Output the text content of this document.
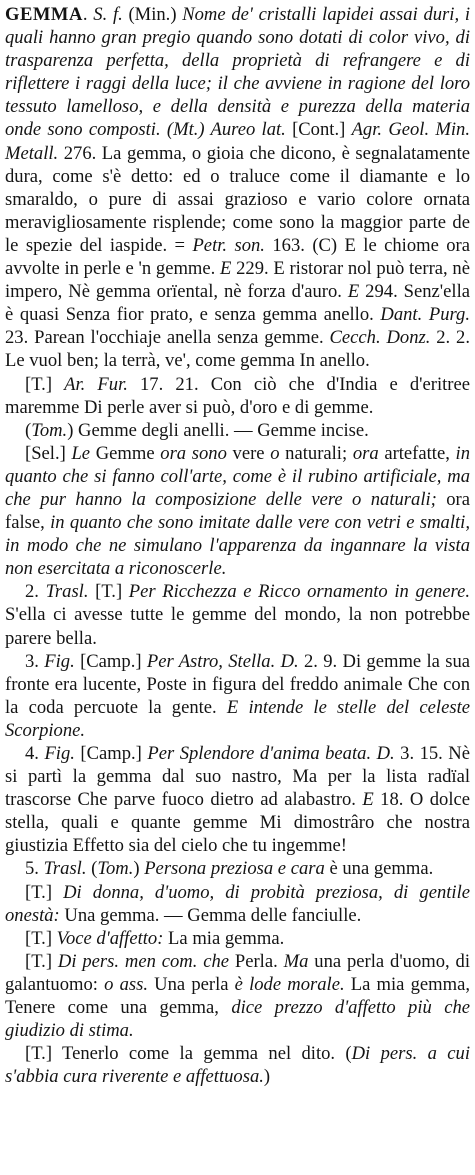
GEMMA. S. f. (Min.) Nome de' cristalli lapidei assai duri, i quali hanno gran pregio quando sono dotati di color vivo, di trasparenza perfetta, della proprietà di refrangere e di riflettere i raggi della luce; il che avviene in ragione del loro tessuto lamelloso, e della densità e purezza della materia onde sono composti. (Mt.) Aureo lat. [Cont.] Agr. Geol. Min. Metall. 276. La gemma, o gioia che dicono, è segnalatamente dura, come s'è detto: ed o traluce come il diamante e lo smaraldo, o pure di assai grazioso e vario colore ornata meravigliosamente risplende; come sono la maggior parte de le spezie del iaspide. = Petr. son. 163. (C) E le chiome ora avvolte in perle e 'n gemme. E 229. E ristorar nol può terra, nè impero, Nè gemma orïental, nè forza d'auro. E 294. Senz'ella è quasi Senza fior prato, e senza gemma anello. Dant. Purg. 23. Parean l'occhiaje anella senza gemme. Cecch. Donz. 2. 2. Le vuol ben; la terrà, ve', come gemma In anello.

[T.] Ar. Fur. 17. 21. Con ciò che d'India e d'eritree maremme Di perle aver si può, d'oro e di gemme.

(Tom.) Gemme degli anelli. — Gemme incise.

[Sel.] Le Gemme ora sono vere o naturali; ora artefatte, in quanto che si fanno coll'arte, come è il rubino artificiale, ma che pur hanno la composizione delle vere o naturali; ora false, in quanto che sono imitate dalle vere con vetri e smalti, in modo che ne simulano l'apparenza da ingannare la vista non esercitata a riconoscerle.

2. Trasl. [T.] Per Ricchezza e Ricco ornamento in genere. S'ella ci avesse tutte le gemme del mondo, la non potrebbe parere bella.

3. Fig. [Camp.] Per Astro, Stella. D. 2. 9. Di gemme la sua fronte era lucente, Poste in figura del freddo animale Che con la coda percuote la gente. E intende le stelle del celeste Scorpione.

4. Fig. [Camp.] Per Splendore d'anima beata. D. 3. 15. Nè si partì la gemma dal suo nastro, Ma per la lista radïal trascorse Che parve fuoco dietro ad alabastro. E 18. O dolce stella, quali e quante gemme Mi dimostrâro che nostra giustizia Effetto sia del cielo che tu ingemme!

5. Trasl. (Tom.) Persona preziosa e cara è una gemma.

[T.] Di donna, d'uomo, di probità preziosa, di gentile onestà: Una gemma. — Gemma delle fanciulle.

[T.] Voce d'affetto: La mia gemma.

[T.] Di pers. men com. che Perla. Ma una perla d'uomo, di galantuomo: o ass. Una perla è lode morale. La mia gemma, Tenere come una gemma, dice prezzo d'affetto più che giudizio di stima.

[T.] Tenerlo come la gemma nel dito. (Di pers. a cui s'abbia cura riverente e affettuosa.)
